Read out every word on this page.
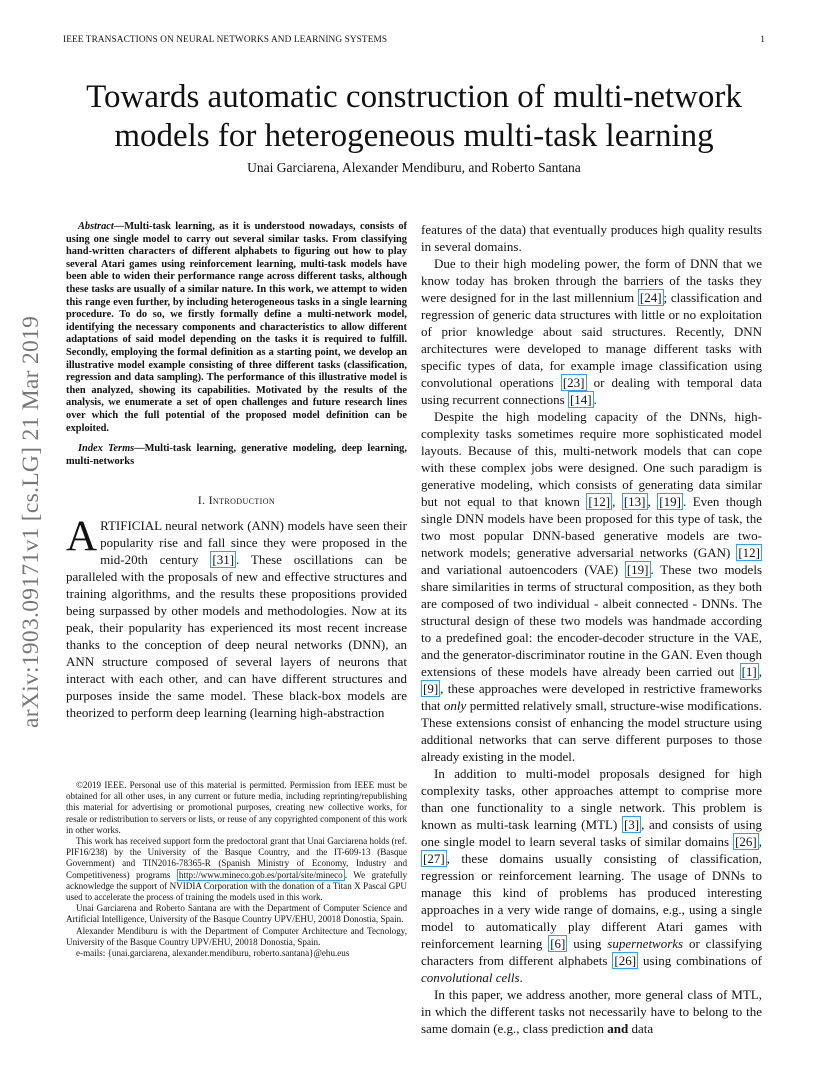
IEEE TRANSACTIONS ON NEURAL NETWORKS AND LEARNING SYSTEMS	1
Towards automatic construction of multi-network models for heterogeneous multi-task learning
Unai Garciarena, Alexander Mendiburu, and Roberto Santana
arXiv:1903.09171v1 [cs.LG] 21 Mar 2019

Abstract—Multi-task learning, as it is understood nowadays, consists of using one single model to carry out several similar tasks. From classifying hand-written characters of different alphabets to figuring out how to play several Atari games using reinforcement learning, multi-task models have been able to widen their performance range across different tasks, although these tasks are usually of a similar nature. In this work, we attempt to widen this range even further, by including heterogeneous tasks in a single learning procedure. To do so, we firstly formally define a multi-network model, identifying the necessary components and characteristics to allow different adaptations of said model depending on the tasks it is required to fulfill. Secondly, employing the formal definition as a starting point, we develop an illustrative model example consisting of three different tasks (classification, regression and data sampling). The performance of this illustrative model is then analyzed, showing its capabilities. Motivated by the results of the analysis, we enumerate a set of open challenges and future research lines over which the full potential of the proposed model definition can be exploited.

Index Terms—Multi-task learning, generative modeling, deep learning, multi-networks

I. Introduction

ARTIFICIAL neural network (ANN) models have seen their popularity rise and fall since they were proposed in the mid-20th century [31] . These oscillations can be paralleled with the proposals of new and effective structures and training algorithms, and the results these propositions provided being surpassed by other models and methodologies. Now at its peak, their popularity has experienced its most recent increase thanks to the conception of deep neural networks (DNN), an ANN structure composed of several layers of neurons that interact with each other, and can have different structures and purposes inside the same model. These black-box models are theorized to perform deep learning (learning high-abstraction

©2019 IEEE. Personal use of this material is permitted. Permission from IEEE must be obtained for all other uses, in any current or future media, including reprinting/republishing this material for advertising or promotional purposes, creating new collective works, for resale or redistribution to servers or lists, or reuse of any copyrighted component of this work in other works.

This work has received support form the predoctoral grant that Unai Garciarena holds (ref. PIF16/238) by the University of the Basque Country, and the IT-609-13 (Basque Government) and TIN2016-78365-R (Spanish Ministry of Economy, Industry and Competitiveness) programs http://www.mineco.gob.es/portal/site/mineco . We gratefully acknowledge the support of NVIDIA Corporation with the donation of a Titan X Pascal GPU used to accelerate the process of training the models used in this work.

Unai Garciarena and Roberto Santana are with the Department of Computer Science and Artificial Intelligence, University of the Basque Country UPV/EHU, 20018 Donostia, Spain.

Alexander Mendiburu is with the Department of Computer Architecture and Tecnology, University of the Basque Country UPV/EHU, 20018 Donostia, Spain.

e-mails: {unai.garciarena, alexander.mendiburu, roberto.santana}@ehu.eus

features of the data) that eventually produces high quality results in several domains.

Due to their high modeling power, the form of DNN that we know today has broken through the barriers of the tasks they were designed for in the last millennium [24] ; classification and regression of generic data structures with little or no exploitation of prior knowledge about said structures. Recently, DNN architectures were developed to manage different tasks with specific types of data, for example image classification using convolutional operations [23] or dealing with temporal data using recurrent connections [14] .

Despite the high modeling capacity of the DNNs, high-complexity tasks sometimes require more sophisticated model layouts. Because of this, multi-network models that can cope with these complex jobs were designed. One such paradigm is generative modeling, which consists of generating data similar but not equal to that known [12] , [13] , [19] . Even though single DNN models have been proposed for this type of task, the two most popular DNN-based generative models are two-network models; generative adversarial networks (GAN) [12] and variational autoencoders (VAE) [19] . These two models share similarities in terms of structural composition, as they both are composed of two individual - albeit connected - DNNs. The structural design of these two models was handmade according to a predefined goal: the encoder-decoder structure in the VAE, and the generator-discriminator routine in the GAN. Even though extensions of these models have already been carried out [1] , [9] , these approaches were developed in restrictive frameworks that only permitted relatively small, structure-wise modifications. These extensions consist of enhancing the model structure using additional networks that can serve different purposes to those already existing in the model.

In addition to multi-model proposals designed for high complexity tasks, other approaches attempt to comprise more than one functionality to a single network. This problem is known as multi-task learning (MTL) [3] , and consists of using one single model to learn several tasks of similar domains [26] , [27] , these domains usually consisting of classification, regression or reinforcement learning. The usage of DNNs to manage this kind of problems has produced interesting approaches in a very wide range of domains, e.g., using a single model to automatically play different Atari games with reinforcement learning [6] using supernetworks or classifying characters from different alphabets [26] using combinations of convolutional cells.

In this paper, we address another, more general class of MTL, in which the different tasks not necessarily have to belong to the same domain (e.g., class prediction and data
